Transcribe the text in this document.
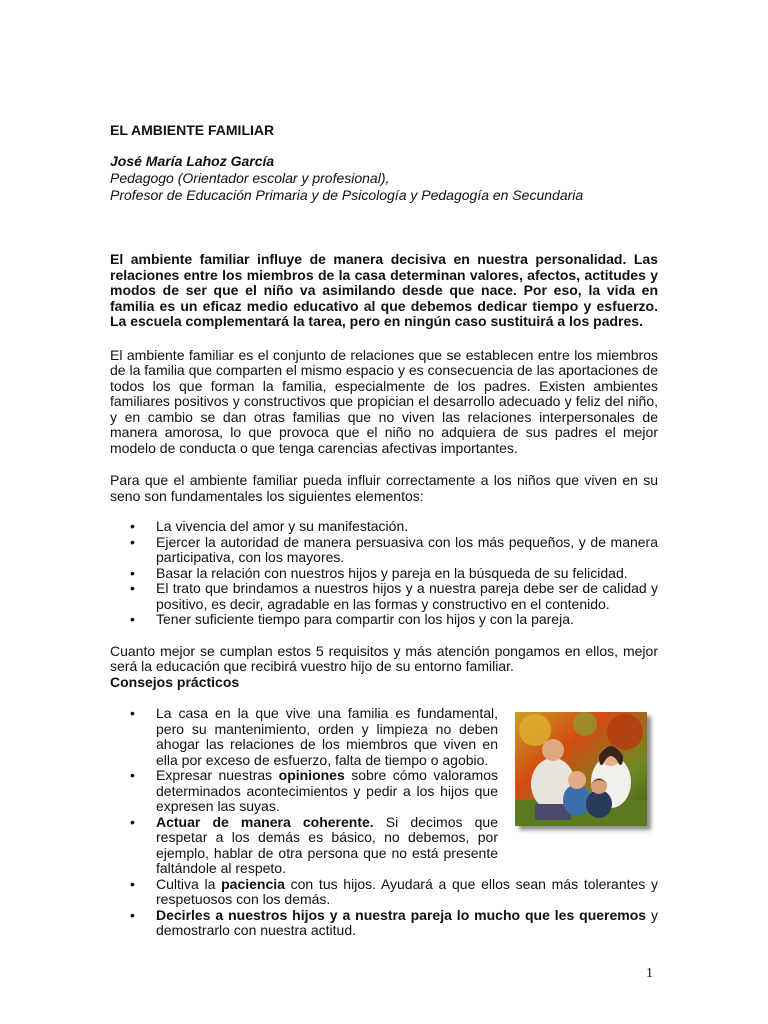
EL AMBIENTE FAMILIAR
José María Lahoz García
Pedagogo (Orientador escolar y profesional),
Profesor de Educación Primaria y de Psicología y Pedagogía en Secundaria

El ambiente familiar influye de manera decisiva en nuestra personalidad. Las relaciones entre los miembros de la casa determinan valores, afectos, actitudes y modos de ser que el niño va asimilando desde que nace. Por eso, la vida en familia es un eficaz medio educativo al que debemos dedicar tiempo y esfuerzo. La escuela complementará la tarea, pero en ningún caso sustituirá a los padres.

El ambiente familiar es el conjunto de relaciones que se establecen entre los miembros de la familia que comparten el mismo espacio y es consecuencia de las aportaciones de todos los que forman la familia, especialmente de los padres. Existen ambientes familiares positivos y constructivos que propician el desarrollo adecuado y feliz del niño, y en cambio se dan otras familias que no viven las relaciones interpersonales de manera amorosa, lo que provoca que el niño no adquiera de sus padres el mejor modelo de conducta o que tenga carencias afectivas importantes.

Para que el ambiente familiar pueda influir correctamente a los niños que viven en su seno son fundamentales los siguientes elementos:

• La vivencia del amor y su manifestación.
• Ejercer la autoridad de manera persuasiva con los más pequeños, y de manera participativa, con los mayores.
• Basar la relación con nuestros hijos y pareja en la búsqueda de su felicidad.
• El trato que brindamos a nuestros hijos y a nuestra pareja debe ser de calidad y positivo, es decir, agradable en las formas y constructivo en el contenido.
• Tener suficiente tiempo para compartir con los hijos y con la pareja.

Cuanto mejor se cumplan estos 5 requisitos y más atención pongamos en ellos, mejor será la educación que recibirá vuestro hijo de su entorno familiar.

Consejos prácticos

• La casa en la que vive una familia es fundamental, pero su mantenimiento, orden y limpieza no deben ahogar las relaciones de los miembros que viven en ella por exceso de esfuerzo, falta de tiempo o agobio.
• Expresar nuestras opiniones sobre cómo valoramos determinados acontecimientos y pedir a los hijos que expresen las suyas.
• Actuar de manera coherente. Si decimos que respetar a los demás es básico, no debemos, por ejemplo, hablar de otra persona que no está presente faltándole al respeto.
• Cultiva la paciencia con tus hijos. Ayudará a que ellos sean más tolerantes y respetuosos con los demás.
• Decirles a nuestros hijos y a nuestra pareja lo mucho que les queremos y demostrarlo con nuestra actitud.
1
